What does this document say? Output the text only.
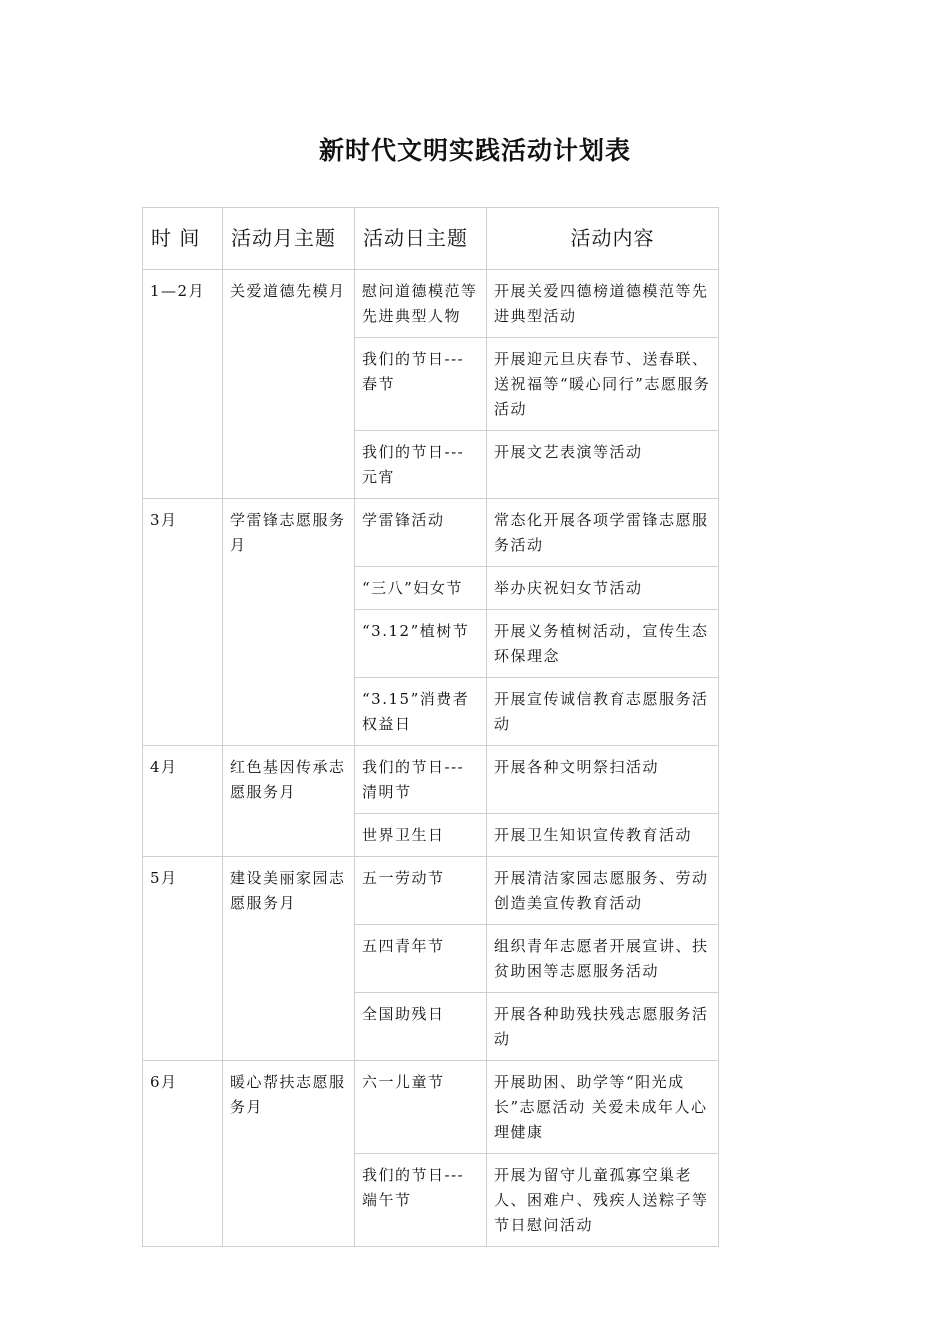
新时代文明实践活动计划表
时 间	活动月主题	活动日主题	活动内容
1—2月	关爱道德先模月	慰问道德模范等先进典型人物	开展关爱四德榜道德模范等先进典型活动
		我们的节日---春节	开展迎元旦庆春节、送春联、送祝福等“暖心同行”志愿服务活动
		我们的节日---元宵	开展文艺表演等活动
3月	学雷锋志愿服务月	学雷锋活动	常态化开展各项学雷锋志愿服务活动
		“三八”妇女节	举办庆祝妇女节活动
		“3.12”植树节	开展义务植树活动，宣传生态环保理念
		“3.15”消费者权益日	开展宣传诚信教育志愿服务活动
4月	红色基因传承志愿服务月	我们的节日---清明节	开展各种文明祭扫活动
		世界卫生日	开展卫生知识宣传教育活动
5月	建设美丽家园志愿服务月	五一劳动节	开展清洁家园志愿服务、劳动创造美宣传教育活动
		五四青年节	组织青年志愿者开展宣讲、扶贫助困等志愿服务活动
		全国助残日	开展各种助残扶残志愿服务活动
6月	暖心帮扶志愿服务月	六一儿童节	开展助困、助学等“阳光成长”志愿活动 关爱未成年人心理健康
		我们的节日---端午节	开展为留守儿童孤寡空巢老人、困难户、残疾人送粽子等节日慰问活动
